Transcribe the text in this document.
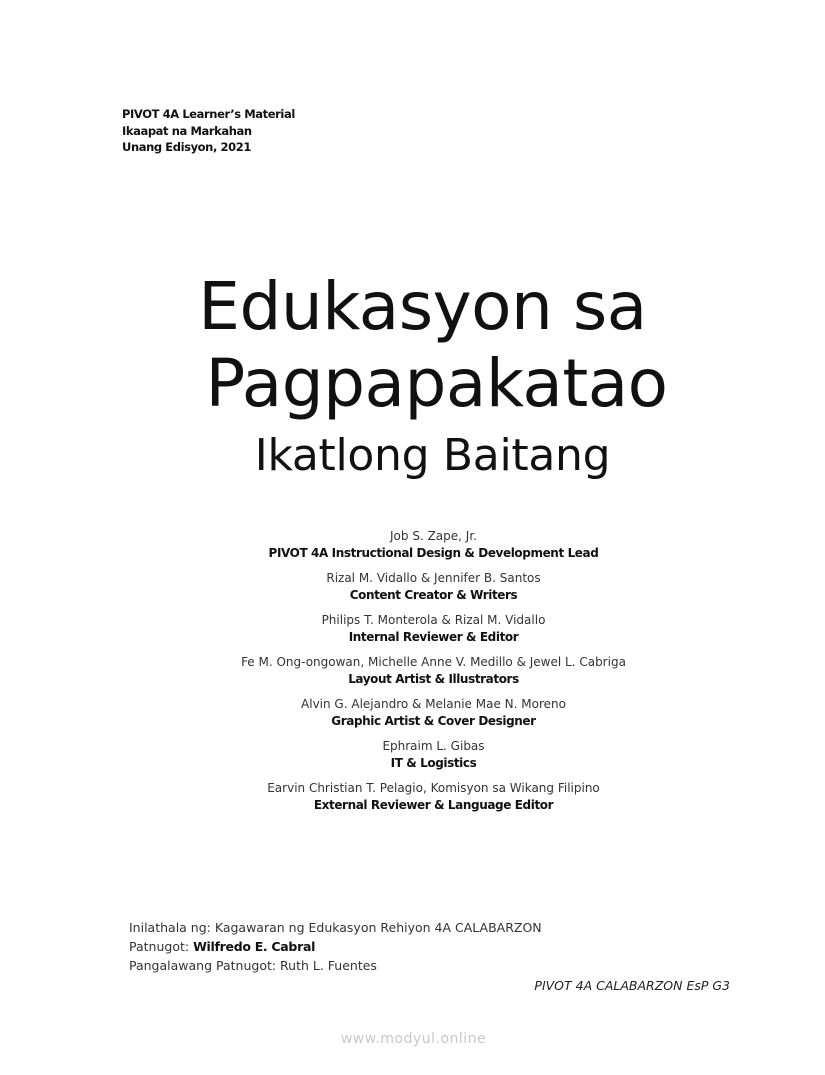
PIVOT 4A Learner’s Material
Ikaapat na Markahan
Unang Edisyon, 2021
Edukasyon sa
Pagpapakatao
Ikatlong Baitang
Job S. Zape, Jr.
PIVOT 4A Instructional Design & Development Lead
Rizal M. Vidallo & Jennifer B. Santos
Content Creator & Writers
Philips T. Monterola & Rizal M. Vidallo
Internal Reviewer & Editor
Fe M. Ong-ongowan, Michelle Anne V. Medillo & Jewel L. Cabriga
Layout Artist & Illustrators
Alvin G. Alejandro & Melanie Mae N. Moreno
Graphic Artist & Cover Designer
Ephraim L. Gibas
IT & Logistics
Earvin Christian T. Pelagio, Komisyon sa Wikang Filipino
External Reviewer & Language Editor
Inilathala ng: Kagawaran ng Edukasyon Rehiyon 4A CALABARZON
Patnugot: Wilfredo E. Cabral
Pangalawang Patnugot: Ruth L. Fuentes
PIVOT 4A CALABARZON EsP G3
www.modyul.online
